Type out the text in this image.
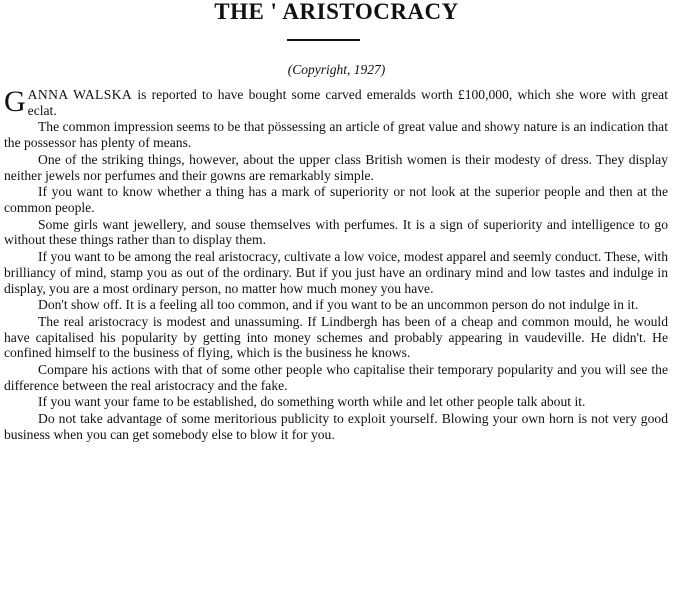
THE ' ARISTOCRACY
(Copyright, 1927)

GANNA WALSKA is reported to have bought some carved emeralds worth £100,000, which she wore with great eclat.

The common impression seems to be that pössessing an article of great value and showy nature is an indication that the possessor has plenty of means.

One of the striking things, however, about the upper class British women is their modesty of dress. They display neither jewels nor perfumes and their gowns are remarkably simple.

If you want to know whether a thing has a mark of superiority or not look at the superior people and then at the common people.

Some girls want jewellery, and souse themselves with perfumes. It is a sign of superiority and intelligence to go without these things rather than to display them.

If you want to be among the real aristocracy, cultivate a low voice, modest apparel and seemly conduct. These, with brilliancy of mind, stamp you as out of the ordinary. But if you just have an ordinary mind and low tastes and indulge in display, you are a most ordinary person, no matter how much money you have.

Don't show off. It is a feeling all too common, and if you want to be an uncommon person do not indulge in it.

The real aristocracy is modest and unassuming. If Lindbergh has been of a cheap and common mould, he would have capitalised his popularity by getting into money schemes and probably appearing in vaudeville. He didn't. He confined himself to the business of flying, which is the business he knows.

Compare his actions with that of some other people who capitalise their temporary popularity and you will see the difference between the real aristocracy and the fake.

If you want your fame to be established, do something worth while and let other people talk about it.

Do not take advantage of some meritorious publicity to exploit yourself. Blowing your own horn is not very good business when you can get somebody else to blow it for you.
